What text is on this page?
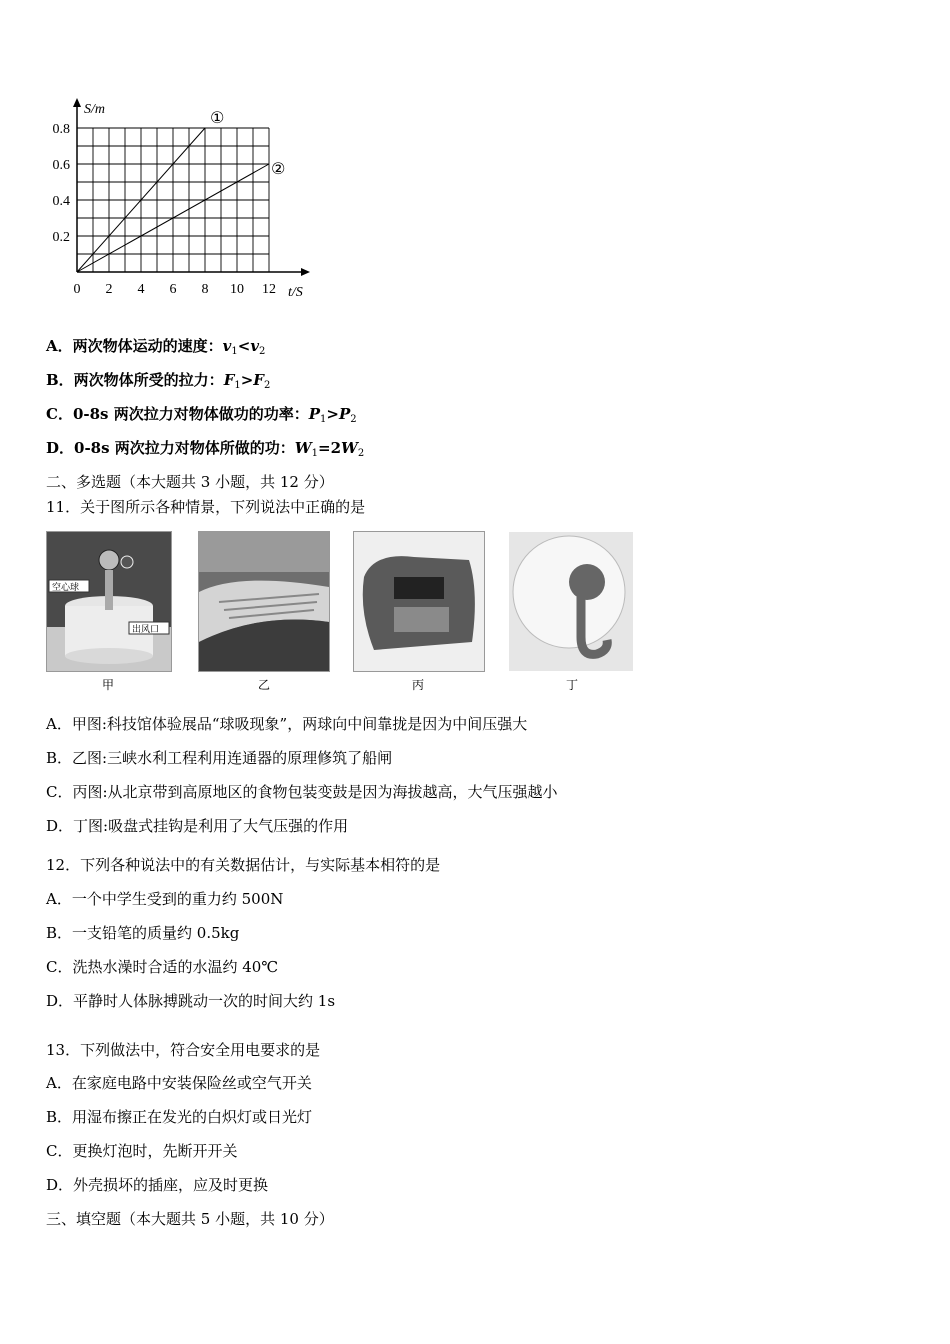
S/m
t/S
0.8
0.6
0.4
0.2
0 2 4 6 8 10 12
①
②
A．两次物体运动的速度：$v_1<v_2$
B．两次物体所受的拉力：$F_1>F_2$
C．0-8s 两次拉力对物体做功的功率：$P_1>P_2$
D．0-8s 两次拉力对物体所做的功：$W_1=2W_2$
二、多选题（本大题共 3 小题，共 12 分）
11．关于图所示各种情景，下列说法中正确的是
空心球
出风口
甲	乙	丙	丁
A．甲图:科技馆体验展品“球吸现象”，两球向中间靠拢是因为中间压强大
B．乙图:三峡水利工程利用连通器的原理修筑了船闸
C．丙图:从北京带到高原地区的食物包装变鼓是因为海拔越高，大气压强越小
D．丁图:吸盘式挂钩是利用了大气压强的作用
12．下列各种说法中的有关数据估计，与实际基本相符的是
A．一个中学生受到的重力约 500N
B．一支铅笔的质量约 0.5kg
C．洗热水澡时合适的水温约 40℃
D．平静时人体脉搏跳动一次的时间大约 1s
13．下列做法中，符合安全用电要求的是
A．在家庭电路中安装保险丝或空气开关
B．用湿布擦正在发光的白炽灯或日光灯
C．更换灯泡时，先断开开关
D．外壳损坏的插座，应及时更换
三、填空题（本大题共 5 小题，共 10 分）
